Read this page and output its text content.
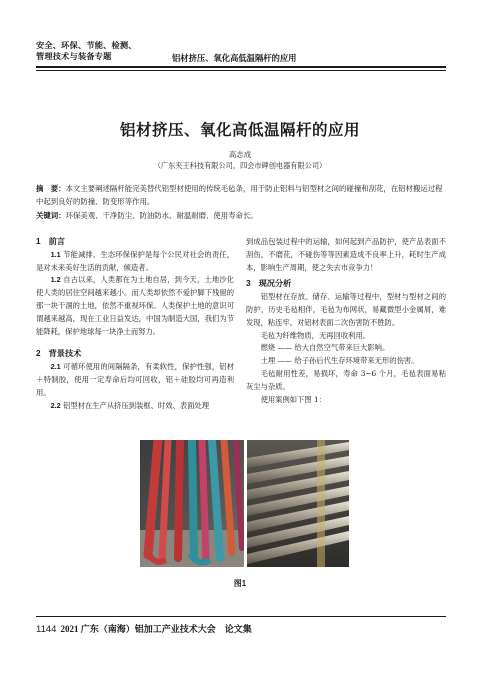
安全、环保、节能、检测、
管理技术与装备专题	铝材挤压、氧化高低温隔杆的应用
铝材挤压、氧化高低温隔杆的应用
高志成
（广东夹王科技有限公司，四会市碑创电器有限公司）
摘　要：本文主要阐述隔杆能完美替代铝型材使用的传统毛毡条，用于防止铝料与铝型材之间的碰撞和刮花，在铝材搬运过程中起到良好的防撞、防变形等作用。
关键词：环保美观、干净防尘、防油防水、耐温耐磨、使用寿命长。
1 前言

1.1 节能减排、生态环保保护是每个公民对社会的责任，是对未来美好生活的贡献，倾造者。

1.2 自古以来，人类都在为土地自居，到今天，土地沙化使人类的居住空间越来越小。而人类却依然不爱护脚下残留的那一块干涸的土地，依然不重视环保。人类保护土地的意识可谓越来越高，现在工业日益发达，中国为制造大国，我们为节能降耗，保护地球每一块净土而努力。

2 背景技术

2.1 可循环使用的间隔隔条，有柔软性，保护性强，铝材＋特制胶，使用一定寿命后均可回收，铝＋硅胶均可再造利用。

2.2 铝型材在生产从挤压到装框、时效、表面处理

到成品包装过程中的运输，如何起到产品防护，使产品表面不刮伤，不磨花，不碰伤等等因素造成不良率上升，耗时生产成本，影响生产周期，使之失去市竞争力！

3 现况分析

铝型材在存放、储存、运输等过程中，型材与型材之间的防护，历史毛毡相伴，毛毡为布网状，易藏微型小金属屑，难发现，粘连牢，对铝材表面二次伤害防不胜防。

毛毡为纤维物质，无再回收利用。

燃烧 —— 给大自然空气带来巨大影响。

土埋 —— 给子孙后代生存环境带来无形的伤害。

毛毡耐用性差，易损坏，寿命 3~6 个月，毛毡表面易粘灰尘与杂质。

使用案例如下图 1：

图1
1144 2021 广东（南海）铝加工产业技术大会　论文集
